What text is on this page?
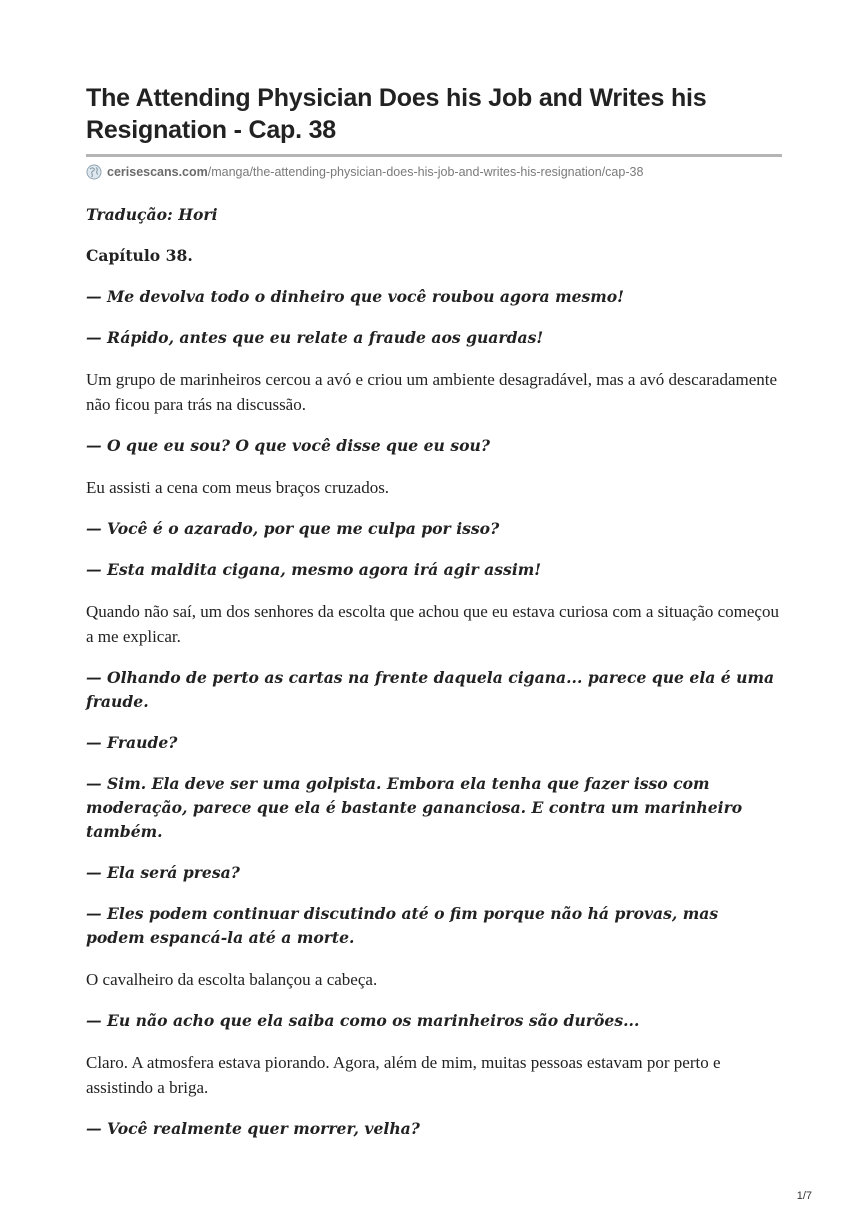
The Attending Physician Does his Job and Writes his Resignation - Cap. 38
cerisescans.com /manga/the-attending-physician-does-his-job-and-writes-his-resignation/cap-38

Tradução: Hori

Capítulo 38.

— Me devolva todo o dinheiro que você roubou agora mesmo!

— Rápido, antes que eu relate a fraude aos guardas!

Um grupo de marinheiros cercou a avó e criou um ambiente desagradável, mas a avó descaradamente não ficou para trás na discussão.

— O que eu sou? O que você disse que eu sou?

Eu assisti a cena com meus braços cruzados.

— Você é o azarado, por que me culpa por isso?

— Esta maldita cigana, mesmo agora irá agir assim!

Quando não saí, um dos senhores da escolta que achou que eu estava curiosa com a situação começou a me explicar.

— Olhando de perto as cartas na frente daquela cigana... parece que ela é uma fraude.

— Fraude?

— Sim. Ela deve ser uma golpista. Embora ela tenha que fazer isso com moderação, parece que ela é bastante gananciosa. E contra um marinheiro também.

— Ela será presa?

— Eles podem continuar discutindo até o fim porque não há provas, mas podem espancá-la até a morte.

O cavalheiro da escolta balançou a cabeça.

— Eu não acho que ela saiba como os marinheiros são durões...

Claro. A atmosfera estava piorando. Agora, além de mim, muitas pessoas estavam por perto e assistindo a briga.

— Você realmente quer morrer, velha?

1/7
